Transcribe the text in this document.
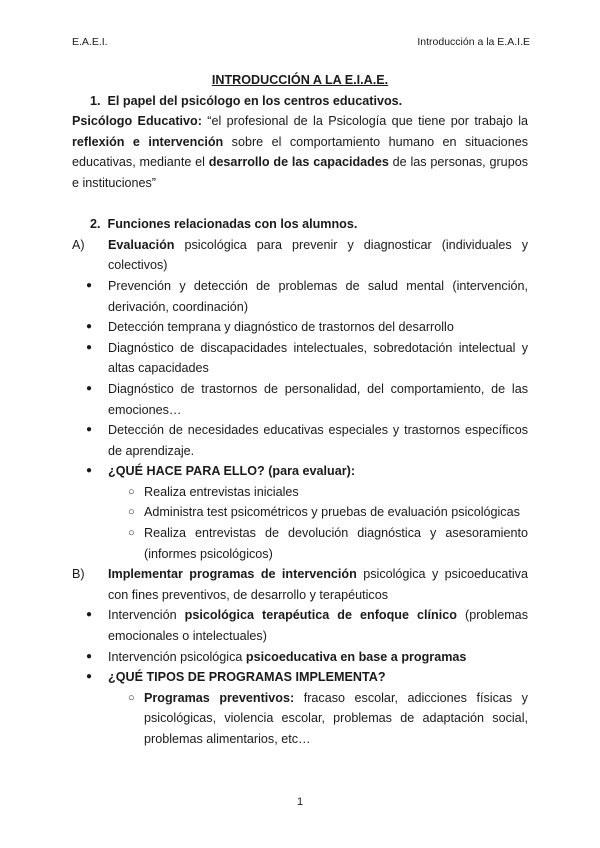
E.A.E.I.	Introducción a la E.A.I.E
INTRODUCCIÓN A LA E.I.A.E.
1. El papel del psicólogo en los centros educativos.
Psicólogo Educativo: “el profesional de la Psicología que tiene por trabajo la reflexión e intervención sobre el comportamiento humano en situaciones educativas, mediante el desarrollo de las capacidades de las personas, grupos e instituciones”
2. Funciones relacionadas con los alumnos.
A) Evaluación psicológica para prevenir y diagnosticar (individuales y colectivos)
● Prevención y detección de problemas de salud mental (intervención, derivación, coordinación)
● Detección temprana y diagnóstico de trastornos del desarrollo
● Diagnóstico de discapacidades intelectuales, sobredotación intelectual y altas capacidades
● Diagnóstico de trastornos de personalidad, del comportamiento, de las emociones…
● Detección de necesidades educativas especiales y trastornos específicos de aprendizaje.
● ¿QUÉ HACE PARA ELLO? (para evaluar):
○ Realiza entrevistas iniciales
○ Administra test psicométricos y pruebas de evaluación psicológicas
○ Realiza entrevistas de devolución diagnóstica y asesoramiento (informes psicológicos)
B) Implementar programas de intervención psicológica y psicoeducativa con fines preventivos, de desarrollo y terapéuticos
● Intervención psicológica terapéutica de enfoque clínico (problemas emocionales o intelectuales)
● Intervención psicológica psicoeducativa en base a programas
● ¿QUÉ TIPOS DE PROGRAMAS IMPLEMENTA?
○ Programas preventivos: fracaso escolar, adicciones físicas y psicológicas, violencia escolar, problemas de adaptación social, problemas alimentarios, etc…
1
